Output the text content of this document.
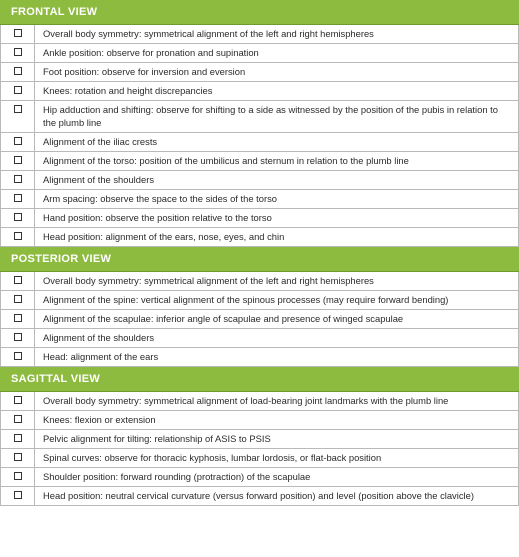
FRONTAL VIEW
Overall body symmetry: symmetrical alignment of the left and right hemispheres
Ankle position: observe for pronation and supination
Foot position: observe for inversion and eversion
Knees: rotation and height discrepancies
Hip adduction and shifting: observe for shifting to a side as witnessed by the position of the pubis in relation to the plumb line
Alignment of the iliac crests
Alignment of the torso: position of the umbilicus and sternum in relation to the plumb line
Alignment of the shoulders
Arm spacing: observe the space to the sides of the torso
Hand position: observe the position relative to the torso
Head position: alignment of the ears, nose, eyes, and chin
POSTERIOR VIEW
Overall body symmetry: symmetrical alignment of the left and right hemispheres
Alignment of the spine: vertical alignment of the spinous processes (may require forward bending)
Alignment of the scapulae: inferior angle of scapulae and presence of winged scapulae
Alignment of the shoulders
Head: alignment of the ears
SAGITTAL VIEW
Overall body symmetry: symmetrical alignment of load-bearing joint landmarks with the plumb line
Knees: flexion or extension
Pelvic alignment for tilting: relationship of ASIS to PSIS
Spinal curves: observe for thoracic kyphosis, lumbar lordosis, or flat-back position
Shoulder position: forward rounding (protraction) of the scapulae
Head position: neutral cervical curvature (versus forward position) and level (position above the clavicle)
